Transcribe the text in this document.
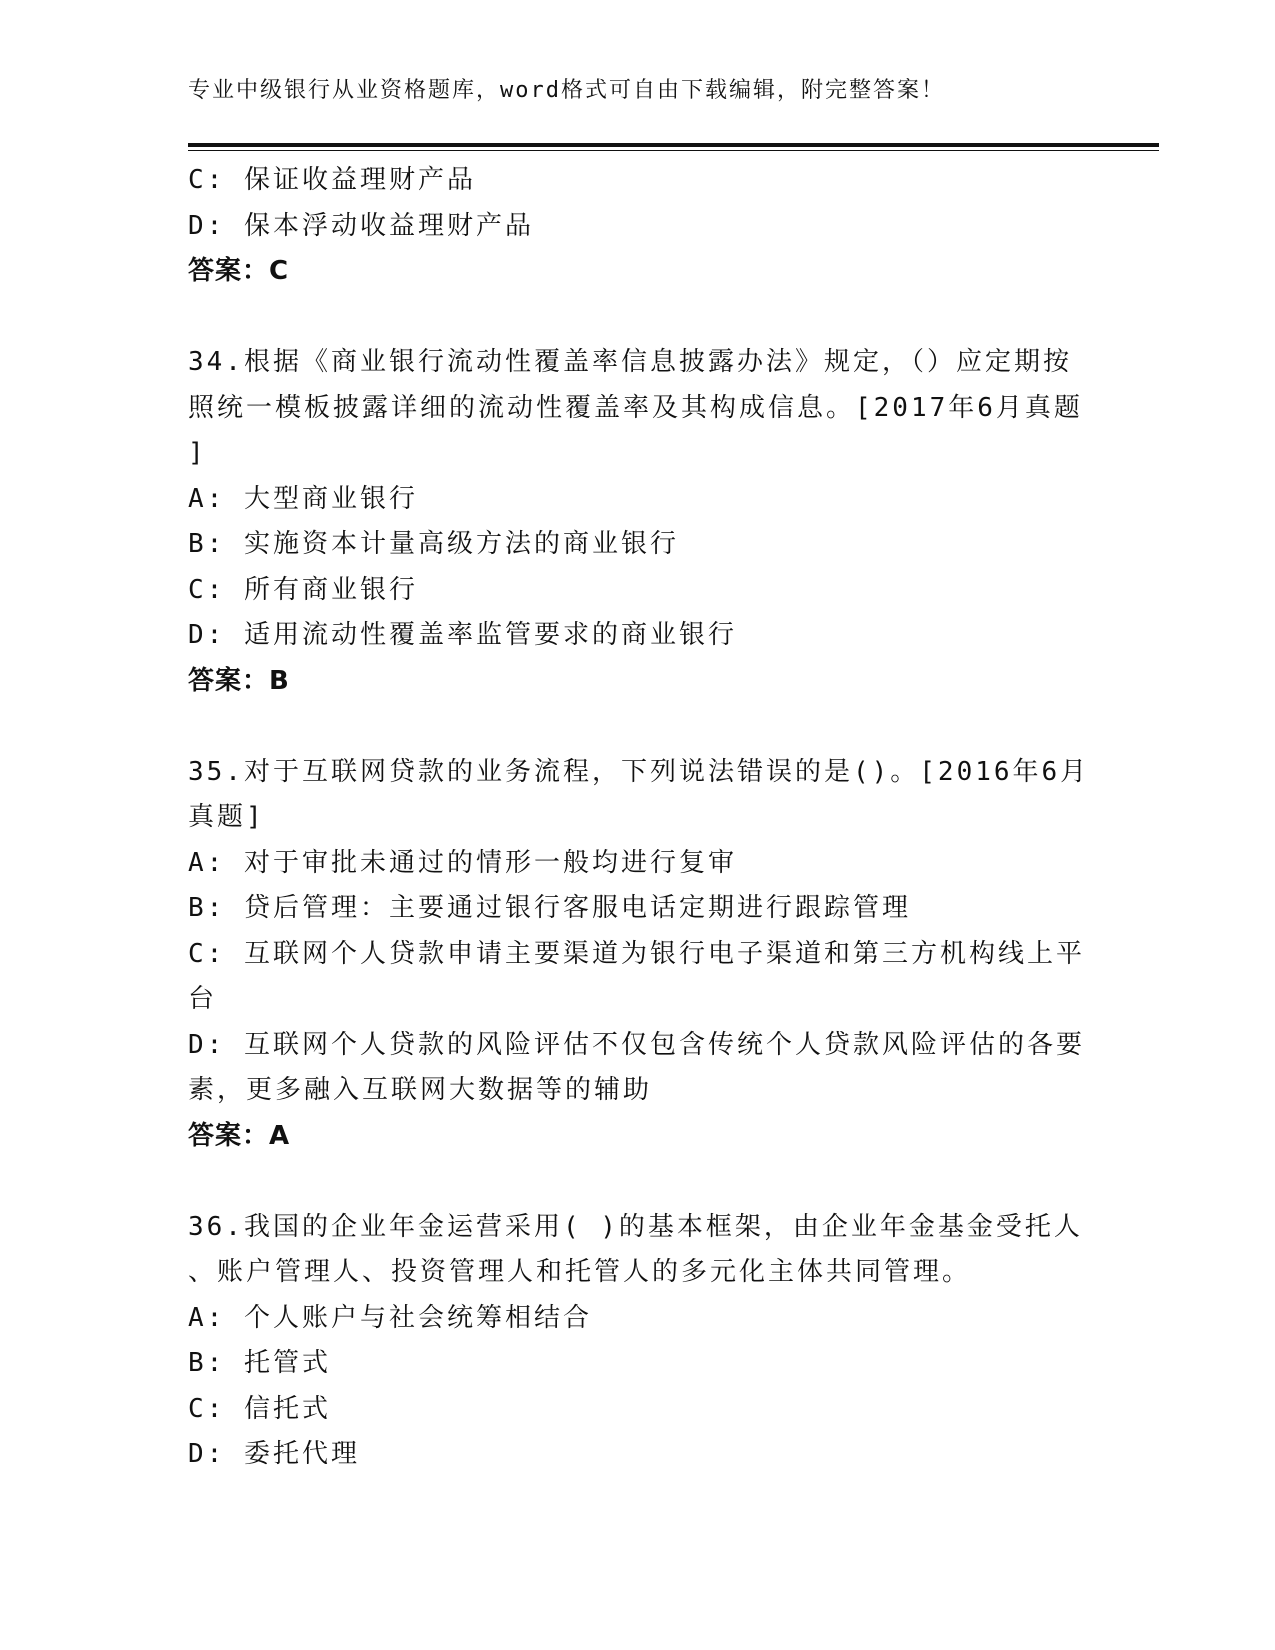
专业中级银行从业资格题库，word格式可自由下载编辑，附完整答案！
C: 保证收益理财产品
D: 保本浮动收益理财产品
答案：C
34.根据《商业银行流动性覆盖率信息披露办法》规定，（）应定期按
照统一模板披露详细的流动性覆盖率及其构成信息。[2017年6月真题
]
A: 大型商业银行
B: 实施资本计量高级方法的商业银行
C: 所有商业银行
D: 适用流动性覆盖率监管要求的商业银行
答案：B
35.对于互联网贷款的业务流程，下列说法错误的是()。[2016年6月
真题]
A: 对于审批未通过的情形一般均进行复审
B: 贷后管理：主要通过银行客服电话定期进行跟踪管理
C: 互联网个人贷款申请主要渠道为银行电子渠道和第三方机构线上平
台
D: 互联网个人贷款的风险评估不仅包含传统个人贷款风险评估的各要
素，更多融入互联网大数据等的辅助
答案：A
36.我国的企业年金运营采用( )的基本框架，由企业年金基金受托人
、账户管理人、投资管理人和托管人的多元化主体共同管理。
A: 个人账户与社会统筹相结合
B: 托管式
C: 信托式
D: 委托代理
